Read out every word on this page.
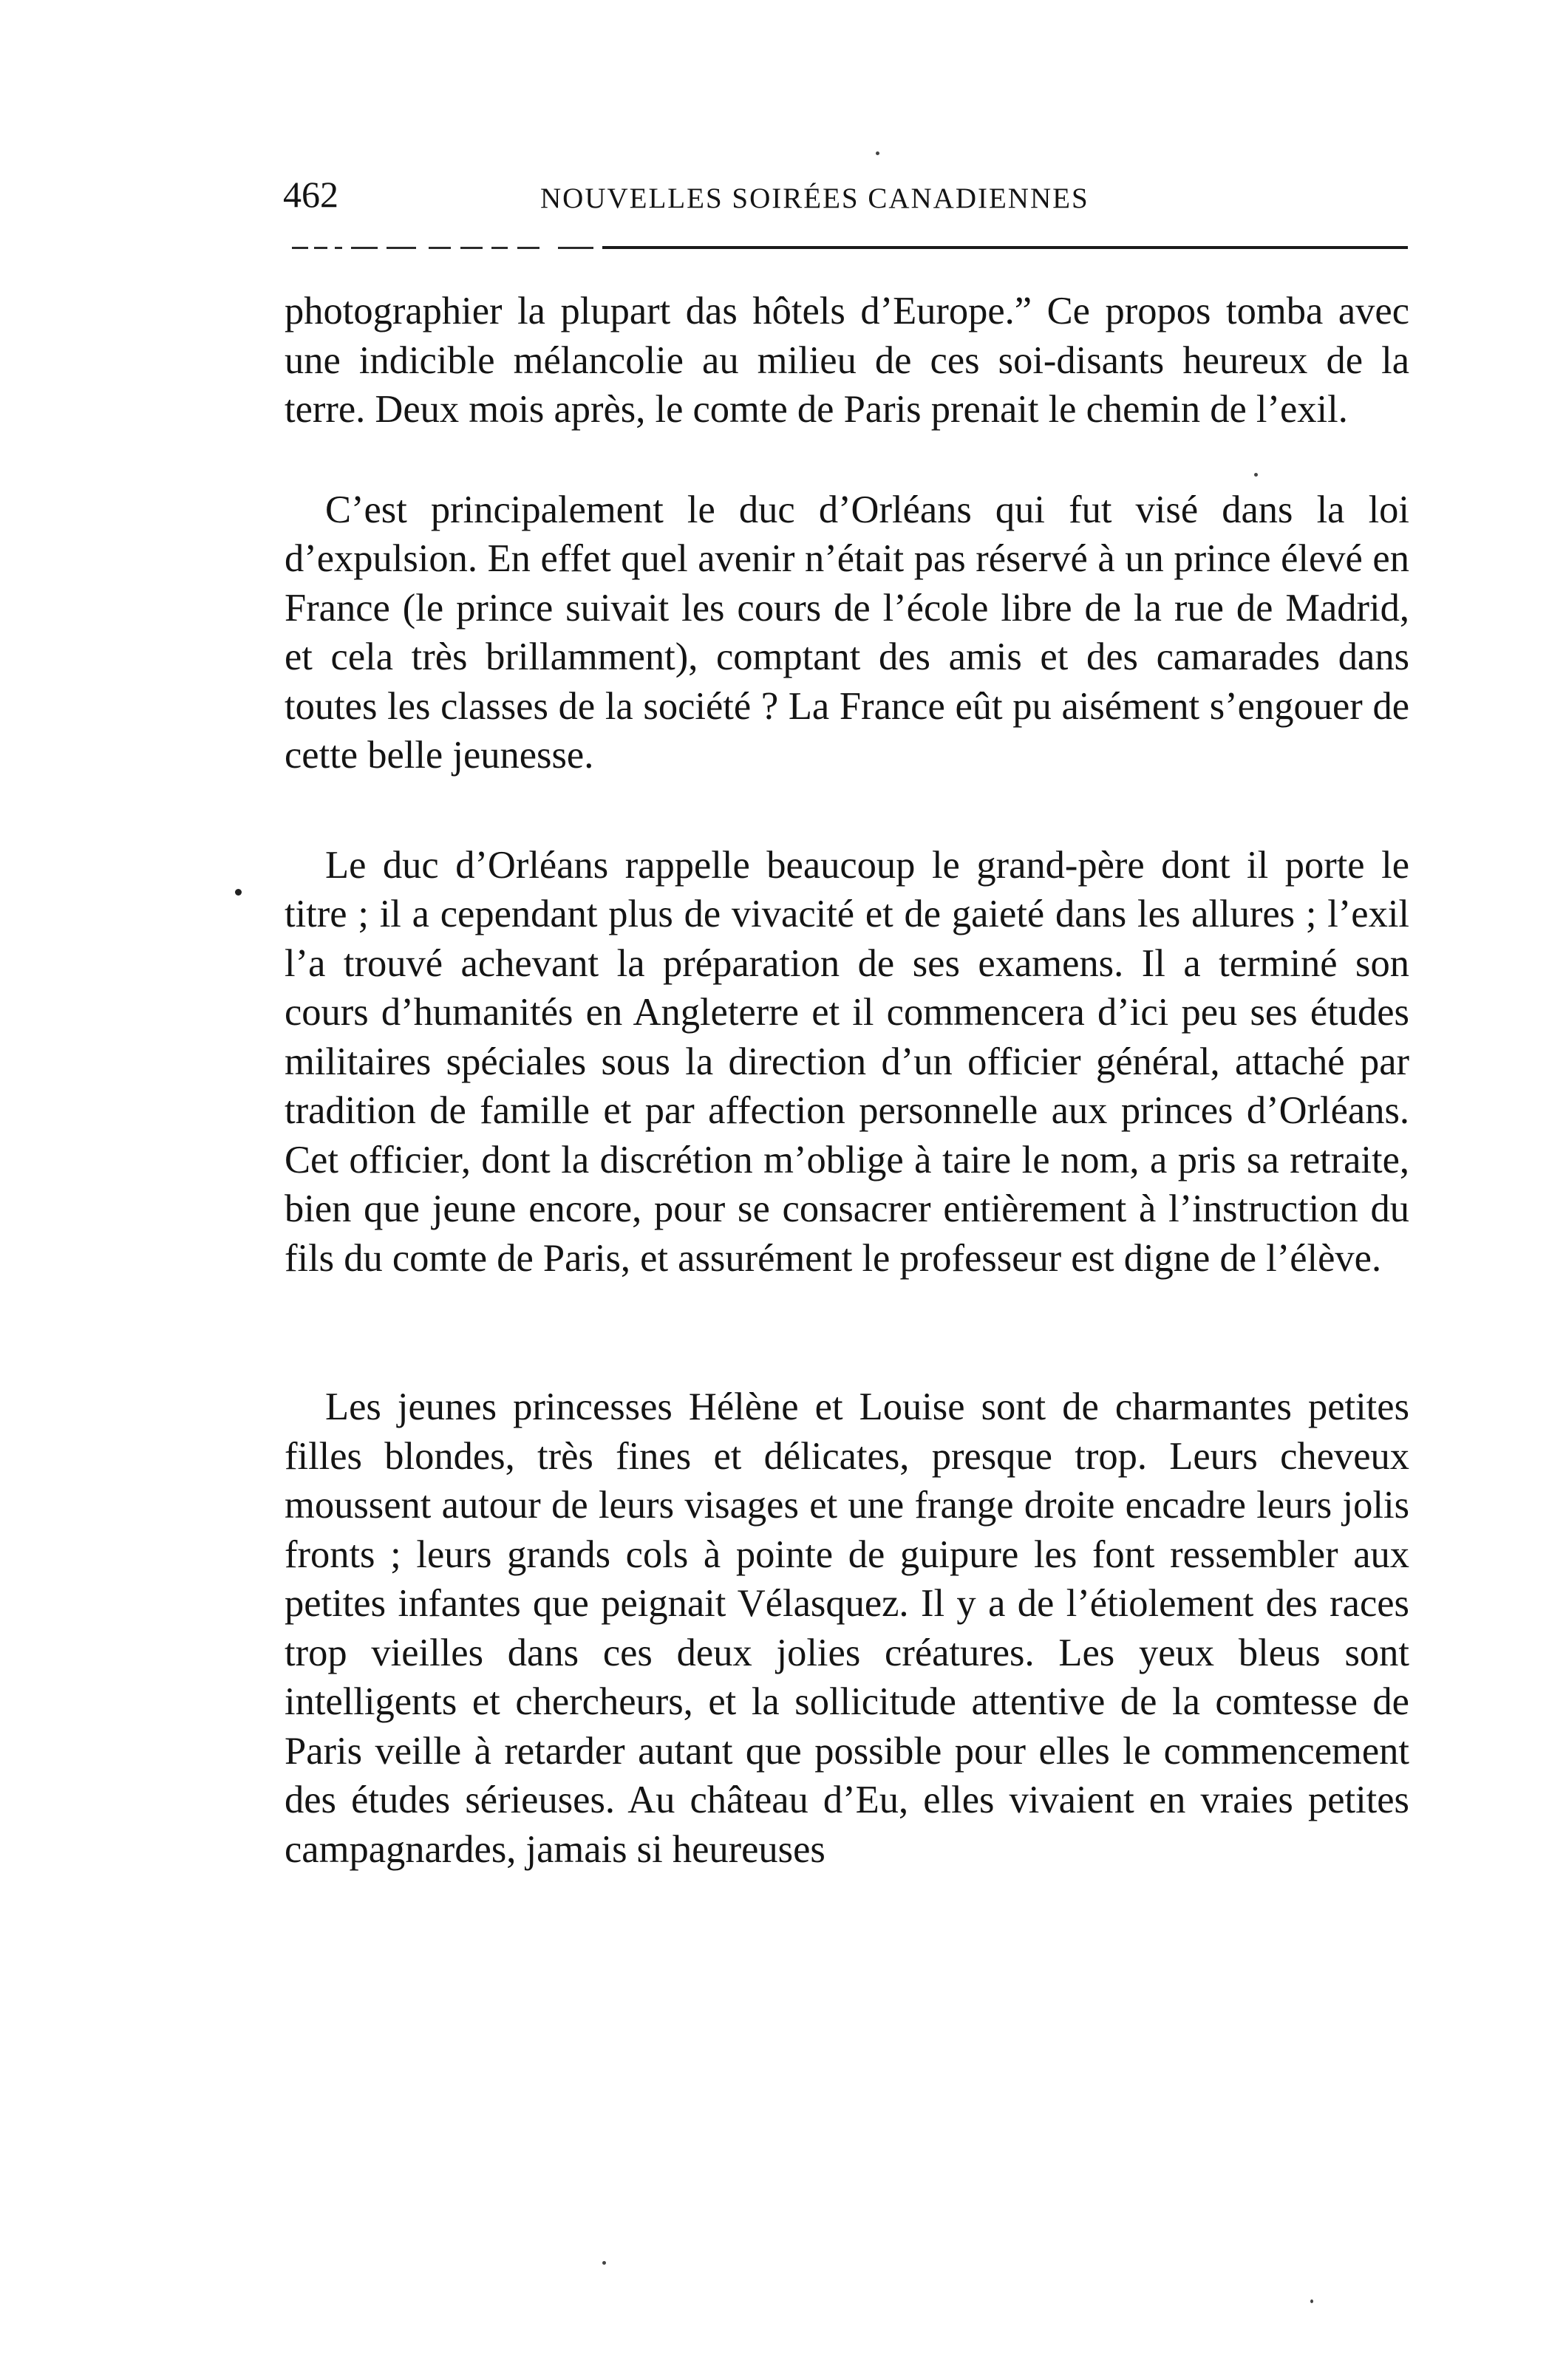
462	NOUVELLES SOIRÉES CANADIENNES

photographier la plupart das hôtels d’Europe.” Ce propos tomba avec une indicible mélancolie au milieu de ces soi-disants heureux de la terre. Deux mois après, le comte de Paris prenait le chemin de l’exil.

C’est principalement le duc d’Orléans qui fut visé dans la loi d’expulsion. En effet quel avenir n’était pas réservé à un prince élevé en France (le prince suivait les cours de l’école libre de la rue de Madrid, et cela très brillamment), comptant des amis et des camarades dans toutes les classes de la société ? La France eût pu aisément s’engouer de cette belle jeunesse.

Le duc d’Orléans rappelle beaucoup le grand-père dont il porte le titre ; il a cependant plus de vivacité et de gaieté dans les allures ; l’exil l’a trouvé achevant la préparation de ses examens. Il a terminé son cours d’humanités en Angleterre et il commencera d’ici peu ses études militaires spéciales sous la direction d’un officier général, attaché par tradition de famille et par affection personnelle aux princes d’Orléans. Cet officier, dont la discrétion m’oblige à taire le nom, a pris sa retraite, bien que jeune encore, pour se consacrer entièrement à l’instruction du fils du comte de Paris, et assurément le professeur est digne de l’élève.

Les jeunes princesses Hélène et Louise sont de charmantes petites filles blondes, très fines et délicates, presque trop. Leurs cheveux moussent autour de leurs visages et une frange droite encadre leurs jolis fronts ; leurs grands cols à pointe de guipure les font ressembler aux petites infantes que peignait Vélasquez. Il y a de l’étiolement des races trop vieilles dans ces deux jolies créatures. Les yeux bleus sont intelligents et chercheurs, et la sollicitude attentive de la comtesse de Paris veille à retarder autant que possible pour elles le commencement des études sérieuses. Au château d’Eu, elles vivaient en vraies petites campagnardes, jamais si heureuses
